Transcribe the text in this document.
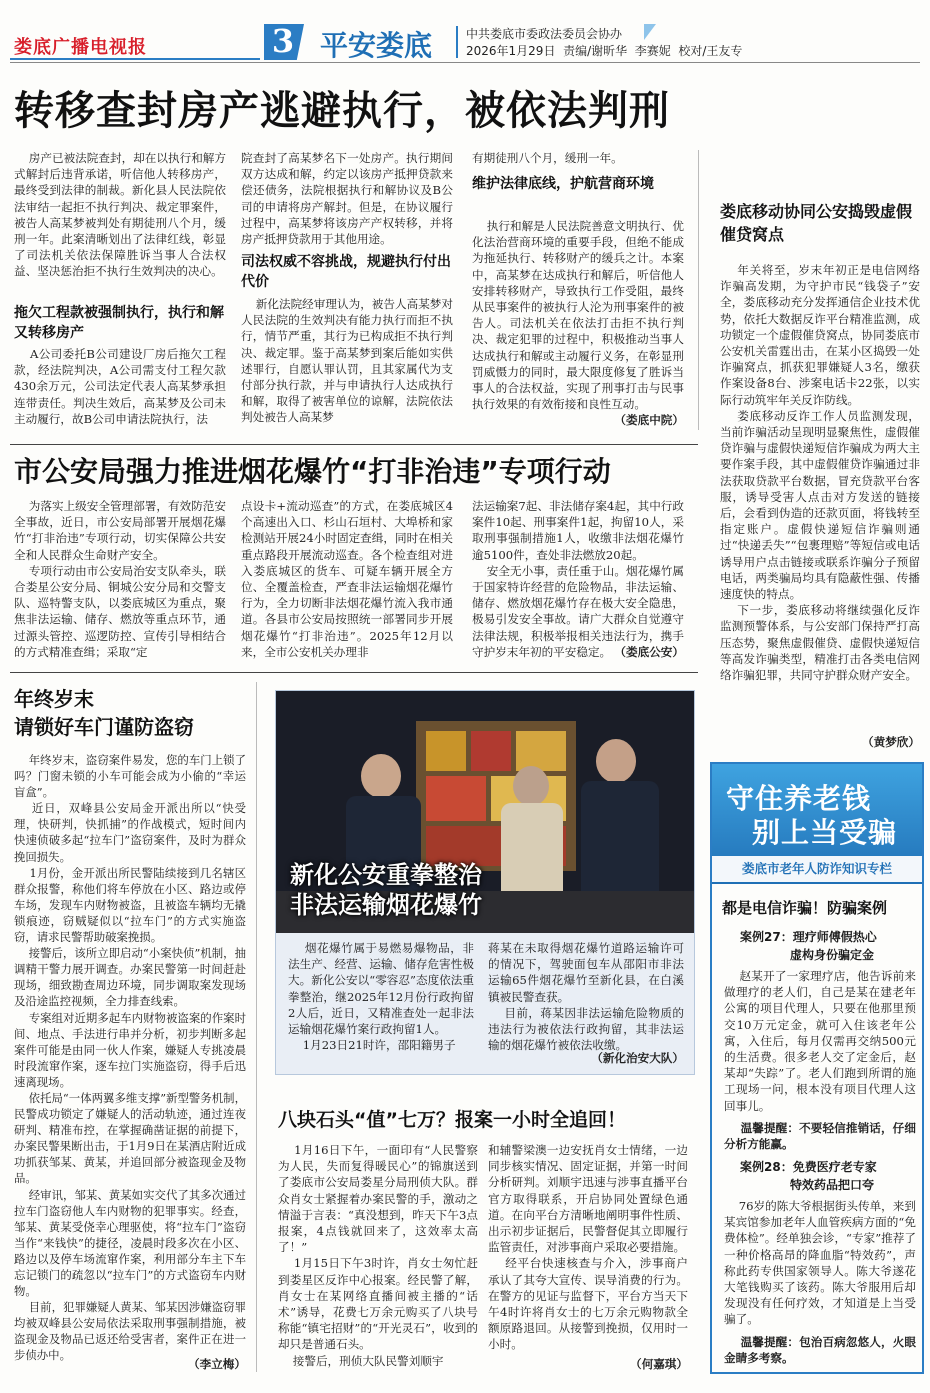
娄底广播电视报	3 平安娄底	中共娄底市委政法委员会协办
2026年1月29日  责编/谢昕华  李赛妮  校对/王友专
转移查封房产逃避执行，被依法判刑
房产已被法院查封，却在以执行和解方式解封后违背承诺，听信他人转移房产，最终受到法律的制裁。新化县人民法院依法审结一起拒不执行判决、裁定罪案件，被告人高某梦被判处有期徒刑八个月，缓刑一年。此案清晰划出了法律红线，彰显了司法机关依法保障胜诉当事人合法权益、坚决惩治拒不执行生效判决的决心。
拖欠工程款被强制执行，执行和解又转移房产
A公司委托B公司建设厂房后拖欠工程款，经法院判决，A公司需支付工程欠款430余万元，公司法定代表人高某梦承担连带责任。判决生效后，高某梦及公司未主动履行，故B公司申请法院执行，法
院查封了高某梦名下一处房产。执行期间双方达成和解，约定以该房产抵押贷款来偿还债务，法院根据执行和解协议及B公司的申请将房产解封。但是，在协议履行过程中，高某梦将该房产产权转移，并将房产抵押贷款用于其他用途。
司法权威不容挑战，规避执行付出代价
新化法院经审理认为，被告人高某梦对人民法院的生效判决有能力执行而拒不执行，情节严重，其行为已构成拒不执行判决、裁定罪。鉴于高某梦到案后能如实供述罪行，自愿认罪认罚，且其家属代为支付部分执行款，并与申请执行人达成执行和解，取得了被害单位的谅解，法院依法判处被告人高某梦
有期徒刑八个月，缓刑一年。
维护法律底线，护航营商环境
执行和解是人民法院善意文明执行、优化法治营商环境的重要手段，但绝不能成为拖延执行、转移财产的缓兵之计。本案中，高某梦在达成执行和解后，听信他人安排转移财产，导致执行工作受阻，最终从民事案件的被执行人沦为刑事案件的被告人。司法机关在依法打击拒不执行判决、裁定犯罪的过程中，积极推动当事人达成执行和解或主动履行义务，在彰显刑罚威慑力的同时，最大限度修复了胜诉当事人的合法权益，实现了刑事打击与民事执行效果的有效衔接和良性互动。
（娄底中院）
娄底移动协同公安捣毁虚假催贷窝点
年关将至，岁末年初正是电信网络诈骗高发期，为守护市民“钱袋子”安全，娄底移动充分发挥通信企业技术优势，依托大数据反诈平台精准监测，成功锁定一个虚假催贷窝点，协同娄底市公安机关雷霆出击，在某小区捣毁一处诈骗窝点，抓获犯罪嫌疑人3名，缴获作案设备8台、涉案电话卡22张，以实际行动筑牢年关反诈防线。
娄底移动反诈工作人员监测发现，当前诈骗活动呈现明显聚焦性，虚假催贷诈骗与虚假快递短信诈骗成为两大主要作案手段，其中虚假催贷诈骗通过非法获取贷款平台数据，冒充贷款平台客服，诱导受害人点击对方发送的链接后，会看到伪造的还款页面，将钱转至指定账户。虚假快递短信诈骗则通过“快递丢失”“包裹理赔”等短信或电话诱导用户点击链接或联系诈骗分子预留电话，两类骗局均具有隐蔽性强、传播速度快的特点。
下一步，娄底移动将继续强化反诈监测预警体系，与公安部门保持严打高压态势，聚焦虚假催贷、虚假快递短信等高发诈骗类型，精准打击各类电信网络诈骗犯罪，共同守护群众财产安全。
（黄梦欣）
市公安局强力推进烟花爆竹“打非治违”专项行动
为落实上级安全管理部署，有效防范安全事故，近日，市公安局部署开展烟花爆竹“打非治违”专项行动，切实保障公共安全和人民群众生命财产安全。
专项行动由市公安局治安支队牵头，联合娄星公安分局、铜城公安分局和交警支队、巡特警支队，以娄底城区为重点，聚焦非法运输、储存、燃放等重点环节，通过源头管控、巡逻防控、宣传引导相结合的方式精准查缉；采取“定
点设卡+流动巡查”的方式，在娄底城区4个高速出入口、杉山石垣村、大埠桥和家检测站开展24小时固定查缉，同时在相关重点路段开展流动巡查。各个检查组对进入娄底城区的货车、可疑车辆开展全方位、全覆盖检查，严查非法运输烟花爆竹行为，全力切断非法烟花爆竹流入我市通道。各县市公安局按照统一部署同步开展烟花爆竹“打非治违”。2025年12月以来，全市公安机关办理非
法运输案7起、非法储存案4起，其中行政案件10起、刑事案件1起，拘留10人，采取刑事强制措施1人，收缴非法烟花爆竹逾5100件，查处非法燃放20起。
安全无小事，责任重于山。烟花爆竹属于国家特许经营的危险物品，非法运输、储存、燃放烟花爆竹存在极大安全隐患，极易引发安全事故。请广大群众自觉遵守法律法规，积极举报相关违法行为，携手守护岁末年初的平安稳定。 （娄底公安）
年终岁末
请锁好车门谨防盗窃
年终岁末，盗窃案件易发，您的车门上锁了吗？门窗未锁的小车可能会成为小偷的“幸运盲盒”。
近日，双峰县公安局金开派出所以“快受理，快研判，快抓捕”的作战模式，短时间内快速侦破多起“拉车门”盗窃案件，及时为群众挽回损失。
1月份，金开派出所民警陆续接到几名辖区群众报警，称他们将车停放在小区、路边或停车场，发现车内财物被盗，且被盗车辆均无撬锁痕迹，窃贼疑似以“拉车门”的方式实施盗窃，请求民警帮助破案挽损。
接警后，该所立即启动“小案快侦”机制，抽调精干警力展开调查。办案民警第一时间赶赴现场，细致勘查周边环境，同步调取案发现场及沿途监控视频，全力排查线索。
专案组对近期多起车内财物被盗案的作案时间、地点、手法进行串并分析，初步判断多起案件可能是由同一伙人作案，嫌疑人专挑凌晨时段流窜作案，逐车拉门实施盗窃，得手后迅速离现场。
依托局“一体两翼多维支撑”新型警务机制，民警成功锁定了嫌疑人的活动轨迹，通过连夜研判、精准布控，在掌握确凿证据的前提下，办案民警果断出击，于1月9日在某酒店附近成功抓获邹某、黄某，并追回部分被盗现金及物品。
经审讯，邹某、黄某如实交代了其多次通过拉车门盗窃他人车内财物的犯罪事实。经查，邹某、黄某受侥幸心理驱使，将“拉车门”盗窃当作“来钱快”的捷径，凌晨时段多次在小区、路边以及停车场流窜作案，利用部分车主下车忘记锁门的疏忽以“拉车门”的方式盗窃车内财物。
目前，犯罪嫌疑人黄某、邹某因涉嫌盗窃罪均被双峰县公安局依法采取刑事强制措施，被盗现金及物品已返还给受害者，案件正在进一步侦办中。
（李立梅）
新化公安重拳整治
非法运输烟花爆竹
烟花爆竹属于易燃易爆物品，非法生产、经营、运输、储存危害性极大。新化公安以“零容忍”态度依法重拳整治，继2025年12月份行政拘留2人后，近日，又精准查处一起非法运输烟花爆竹案行政拘留1人。
1月23日21时许，邵阳籍男子
蒋某在未取得烟花爆竹道路运输许可的情况下，驾驶面包车从邵阳市非法运输65件烟花爆竹至新化县，在白溪镇被民警查获。
目前，蒋某因非法运输危险物质的违法行为被依法行政拘留，其非法运输的烟花爆竹被依法收缴。
（新化治安大队）
八块石头“值”七万？报案一小时全追回！
1月16日下午，一面印有“人民警察为人民，失而复得暖民心”的锦旗送到了娄底市公安局娄星分局刑侦大队。群众肖女士紧握着办案民警的手，激动之情溢于言表：“真没想到，昨天下午3点报案，4点钱就回来了，这效率太高了！”
1月15日下午3时许，肖女士匆忙赶到娄星区反诈中心报案。经民警了解，肖女士在某网络直播间被主播的“话术”诱导，花费七万余元购买了八块号称能“镇宅招财”的“开光灵石”，收到的却只是普通石头。
接警后，刑侦大队民警刘顺宇
和辅警梁澳一边安抚肖女士情绪，一边同步核实情况、固定证据，并第一时间分析研判。刘顺宇迅速与涉事直播平台官方取得联系，开启协同处置绿色通道。在向平台方清晰地阐明事件性质、出示初步证据后，民警督促其立即履行监管责任，对涉事商户采取必要措施。
经平台快速核查与介入，涉事商户承认了其夸大宣传、误导消费的行为。在警方的见证与监督下，平台方当天下午4时许将肖女士的七万余元购物款全额原路退回。从接警到挽损，仅用时一小时。
（何嘉琪）
守住养老钱
别上当受骗
娄底市老年人防诈知识专栏
都是电信诈骗！防骗案例
案例27：理疗师傅假热心
虚构身份骗定金
赵某开了一家理疗店，他告诉前来做理疗的老人们，自己是某在建老年公寓的项目代理人，只要在他那里预交10万元定金，就可入住该老年公寓，入住后，每月仅需再交纳500元的生活费。很多老人交了定金后，赵某却“失踪”了。老人们跑到所谓的施工现场一问，根本没有项目代理人这回事儿。
温馨提醒：不要轻信推销话，仔细分析方能赢。
案例28：免费医疗老专家
特效药品把口夸
76岁的陈大爷根据街头传单，来到某宾馆参加老年人血管疾病方面的“免费体检”。经单独会诊，“专家”推荐了一种价格高昂的降血脂“特效药”，声称此药专供国家领导人。陈大爷遂花大笔钱购买了该药。陈大爷服用后却发现没有任何疗效，才知道是上当受骗了。
温馨提醒：包治百病忽悠人，火眼金睛多考察。
